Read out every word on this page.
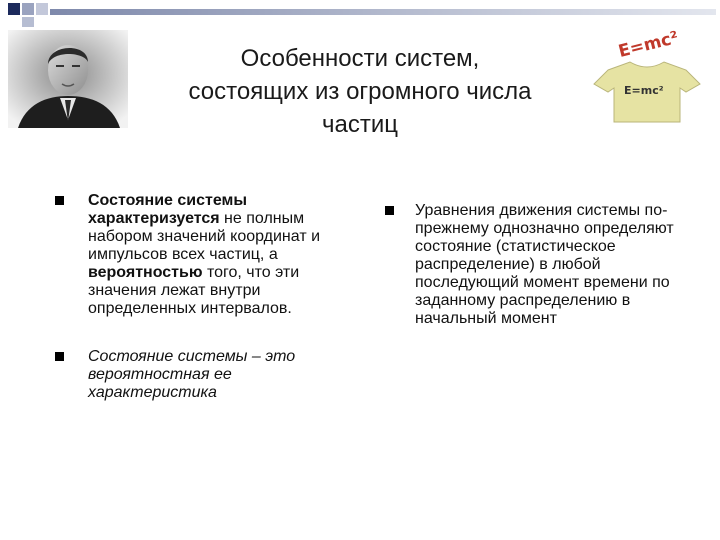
Особенности систем,
состоящих из огромного числа
частиц
E=mc²
E=mc²
Состояние системы характеризуется не полным набором значений координат и импульсов всех частиц, а вероятностью того, что эти значения лежат внутри определенных интервалов.
Состояние системы – это вероятностная ее характеристика
Уравнения движения системы по-прежнему однозначно определяют состояние (статистическое распределение) в любой последующий момент времени по заданному распределению в начальный момент
